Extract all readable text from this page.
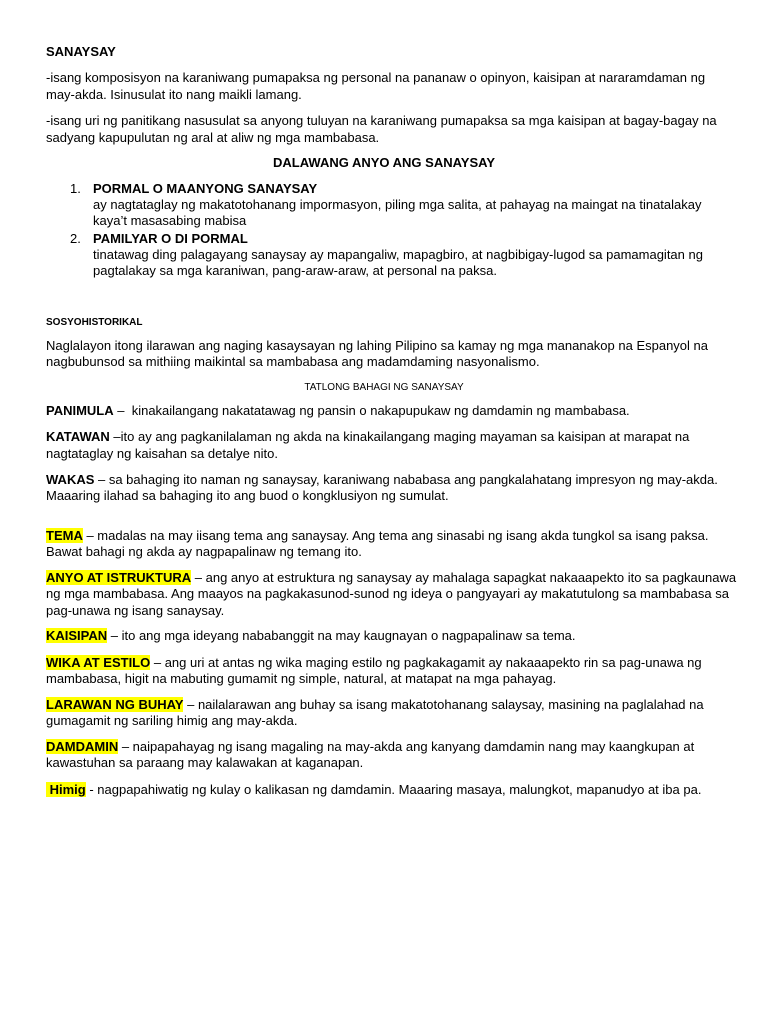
SANAYSAY
-isang komposisyon na karaniwang pumapaksa ng personal na pananaw o opinyon, kaisipan at nararamdaman ng
may-akda. Isinusulat ito nang maikli lamang.
-isang uri ng panitikang nasusulat sa anyong tuluyan na karaniwang pumapaksa sa mga kaisipan at bagay-bagay na
sadyang kapupulutan ng aral at aliw ng mga mambabasa.
DALAWANG ANYO ANG SANAYSAY
1. PORMAL O MAANYONG SANAYSAY
ay nagtataglay ng makatotohanang impormasyon, piling mga salita, at pahayag na maingat na tinatalakay
kaya’t masasabing mabisa
2. PAMILYAR O DI PORMAL
tinatawag ding palagayang sanaysay ay mapangaliw, mapagbiro, at nagbibigay-lugod sa pamamagitan ng
pagtalakay sa mga karaniwan, pang-araw-araw, at personal na paksa.
SOSYOHISTORIKAL
Naglalayon itong ilarawan ang naging kasaysayan ng lahing Pilipino sa kamay ng mga mananakop na Espanyol na
nagbubunsod sa mithiing maikintal sa mambabasa ang madamdaming nasyonalismo.
TATLONG BAHAGI NG SANAYSAY
PANIMULA –  kinakailangang nakatatawag ng pansin o nakapupukaw ng damdamin ng mambabasa.
KATAWAN –ito ay ang pagkanilalaman ng akda na kinakailangang maging mayaman sa kaisipan at marapat na
nagtataglay ng kaisahan sa detalye nito.
WAKAS – sa bahaging ito naman ng sanaysay, karaniwang nababasa ang pangkalahatang impresyon ng may-akda.
Maaaring ilahad sa bahaging ito ang buod o kongklusiyon ng sumulat.
TEMA – madalas na may iisang tema ang sanaysay. Ang tema ang sinasabi ng isang akda tungkol sa isang paksa.
Bawat bahagi ng akda ay nagpapalinaw ng temang ito.
ANYO AT ISTRUKTURA – ang anyo at estruktura ng sanaysay ay mahalaga sapagkat nakaaapekto ito sa pagkaunawa
ng mga mambabasa. Ang maayos na pagkakasunod-sunod ng ideya o pangyayari ay makatutulong sa mambabasa sa
pag-unawa ng isang sanaysay.
KAISIPAN – ito ang mga ideyang nababanggit na may kaugnayan o nagpapalinaw sa tema.
WIKA AT ESTILO – ang uri at antas ng wika maging estilo ng pagkakagamit ay nakaaapekto rin sa pag-unawa ng
mambabasa, higit na mabuting gumamit ng simple, natural, at matapat na mga pahayag.
LARAWAN NG BUHAY – nailalarawan ang buhay sa isang makatotohanang salaysay, masining na paglalahad na
gumagamit ng sariling himig ang may-akda.
DAMDAMIN – naipapahayag ng isang magaling na may-akda ang kanyang damdamin nang may kaangkupan at
kawastuhan sa paraang may kalawakan at kaganapan.
Himig - nagpapahiwatig ng kulay o kalikasan ng damdamin. Maaaring masaya, malungkot, mapanudyo at iba pa.
